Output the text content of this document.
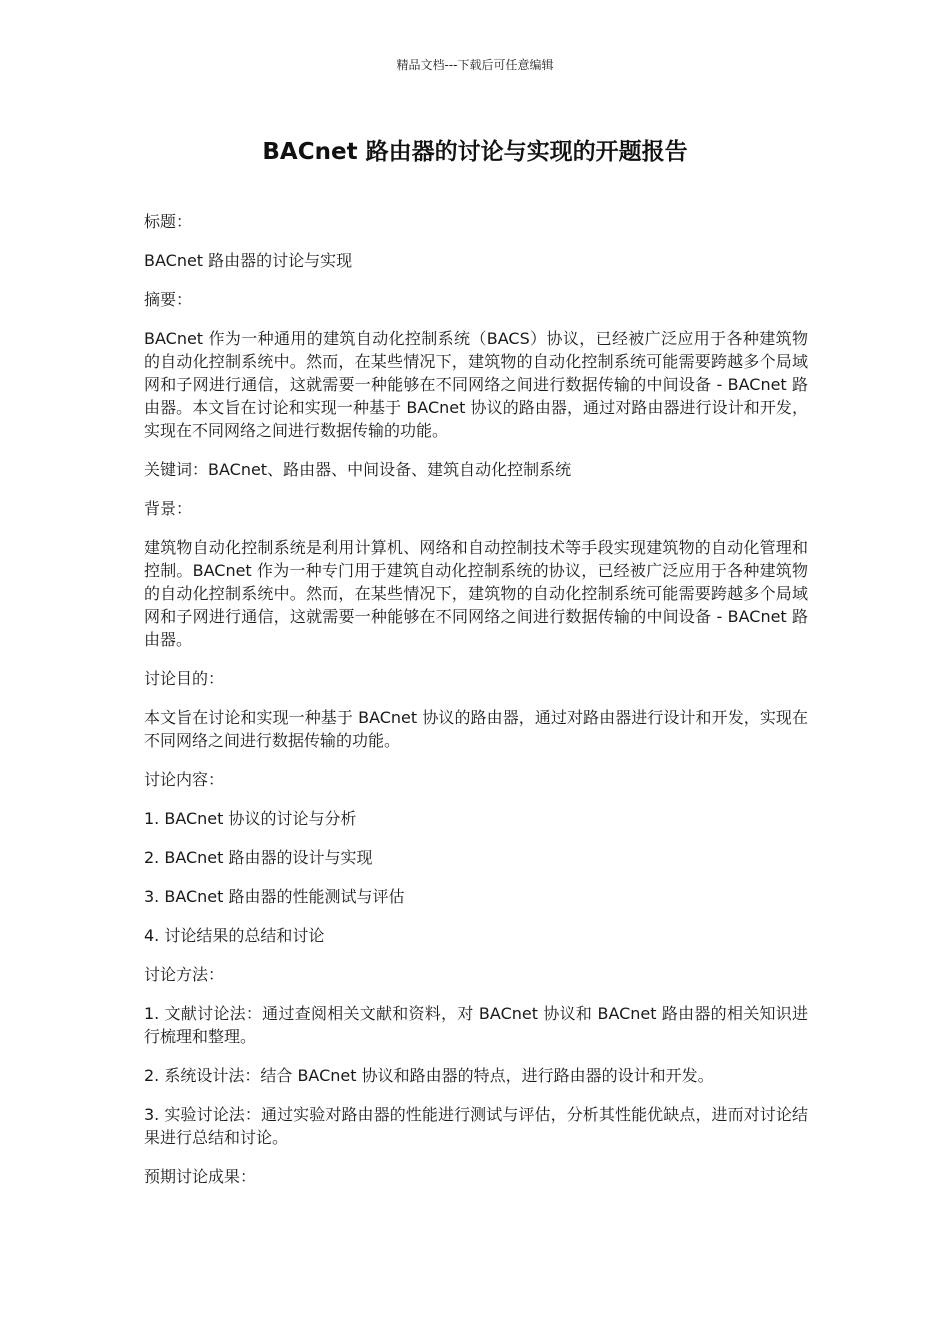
精品文档---下载后可任意编辑
BACnet 路由器的讨论与实现的开题报告

标题：

BACnet 路由器的讨论与实现

摘要：

BACnet 作为一种通用的建筑自动化控制系统（BACS）协议，已经被广泛应用于各种建筑物的自动化控制系统中。然而，在某些情况下，建筑物的自动化控制系统可能需要跨越多个局域网和子网进行通信，这就需要一种能够在不同网络之间进行数据传输的中间设备 - BACnet 路由器。本文旨在讨论和实现一种基于 BACnet 协议的路由器，通过对路由器进行设计和开发，实现在不同网络之间进行数据传输的功能。

关键词：BACnet、路由器、中间设备、建筑自动化控制系统

背景：

建筑物自动化控制系统是利用计算机、网络和自动控制技术等手段实现建筑物的自动化管理和控制。BACnet 作为一种专门用于建筑自动化控制系统的协议，已经被广泛应用于各种建筑物的自动化控制系统中。然而，在某些情况下，建筑物的自动化控制系统可能需要跨越多个局域网和子网进行通信，这就需要一种能够在不同网络之间进行数据传输的中间设备 - BACnet 路由器。

讨论目的：

本文旨在讨论和实现一种基于 BACnet 协议的路由器，通过对路由器进行设计和开发，实现在不同网络之间进行数据传输的功能。

讨论内容：

1. BACnet 协议的讨论与分析

2. BACnet 路由器的设计与实现

3. BACnet 路由器的性能测试与评估

4. 讨论结果的总结和讨论

讨论方法：

1. 文献讨论法：通过查阅相关文献和资料，对 BACnet 协议和 BACnet 路由器的相关知识进行梳理和整理。

2. 系统设计法：结合 BACnet 协议和路由器的特点，进行路由器的设计和开发。

3. 实验讨论法：通过实验对路由器的性能进行测试与评估，分析其性能优缺点，进而对讨论结果进行总结和讨论。

预期讨论成果：
